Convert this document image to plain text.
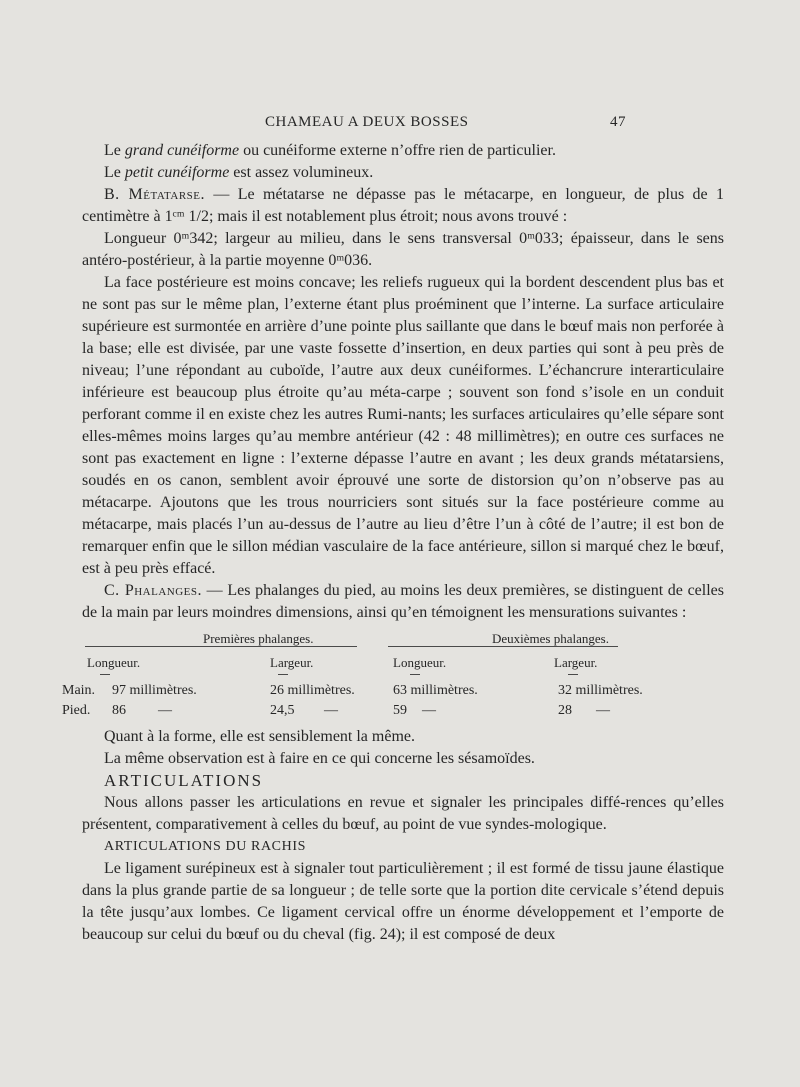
CHAMEAU A DEUX BOSSES	47

Le grand cunéiforme ou cunéiforme externe n’offre rien de particulier.

Le petit cunéiforme est assez volumineux.

B. Métatarse. — Le métatarse ne dépasse pas le métacarpe, en longueur, de plus de 1 centimètre à 1ᶜᵐ 1/2; mais il est notablement plus étroit; nous avons trouvé :

Longueur 0ᵐ342; largeur au milieu, dans le sens transversal 0ᵐ033; épaisseur, dans le sens antéro-postérieur, à la partie moyenne 0ᵐ036.

La face postérieure est moins concave; les reliefs rugueux qui la bordent descendent plus bas et ne sont pas sur le même plan, l’externe étant plus proéminent que l’interne. La surface articulaire supérieure est surmontée en arrière d’une pointe plus saillante que dans le bœuf mais non perforée à la base; elle est divisée, par une vaste fossette d’insertion, en deux parties qui sont à peu près de niveau; l’une répondant au cuboïde, l’autre aux deux cunéiformes. L’échancrure interarticulaire inférieure est beaucoup plus étroite qu’au méta-carpe ; souvent son fond s’isole en un conduit perforant comme il en existe chez les autres Rumi-nants; les surfaces articulaires qu’elle sépare sont elles-mêmes moins larges qu’au membre antérieur (42 : 48 millimètres); en outre ces surfaces ne sont pas exactement en ligne : l’externe dépasse l’autre en avant ; les deux grands métatarsiens, soudés en os canon, semblent avoir éprouvé une sorte de distorsion qu’on n’observe pas au métacarpe. Ajoutons que les trous nourriciers sont situés sur la face postérieure comme au métacarpe, mais placés l’un au-dessus de l’autre au lieu d’être l’un à côté de l’autre; il est bon de remarquer enfin que le sillon médian vasculaire de la face antérieure, sillon si marqué chez le bœuf, est à peu près effacé.

C. Phalanges. — Les phalanges du pied, au moins les deux premières, se distinguent de celles de la main par leurs moindres dimensions, ainsi qu’en témoignent les mensurations suivantes :

Premières phalanges.	Deuxièmes phalanges.
Longueur.	Largeur.	Longueur.	Largeur.
Main. 97 millimètres.	26 millimètres.	63 millimètres.	32 millimètres.
Pied. 86 —	24,5 —	59 —	28 —

Quant à la forme, elle est sensiblement la même.

La même observation est à faire en ce qui concerne les sésamoïdes.

ARTICULATIONS

Nous allons passer les articulations en revue et signaler les principales diffé-rences qu’elles présentent, comparativement à celles du bœuf, au point de vue syndes-mologique.

ARTICULATIONS DU RACHIS

Le ligament surépineux est à signaler tout particulièrement ; il est formé de tissu jaune élastique dans la plus grande partie de sa longueur ; de telle sorte que la portion dite cervicale s’étend depuis la tête jusqu’aux lombes. Ce ligament cervical offre un énorme développement et l’emporte de beaucoup sur celui du bœuf ou du cheval (fig. 24); il est composé de deux
